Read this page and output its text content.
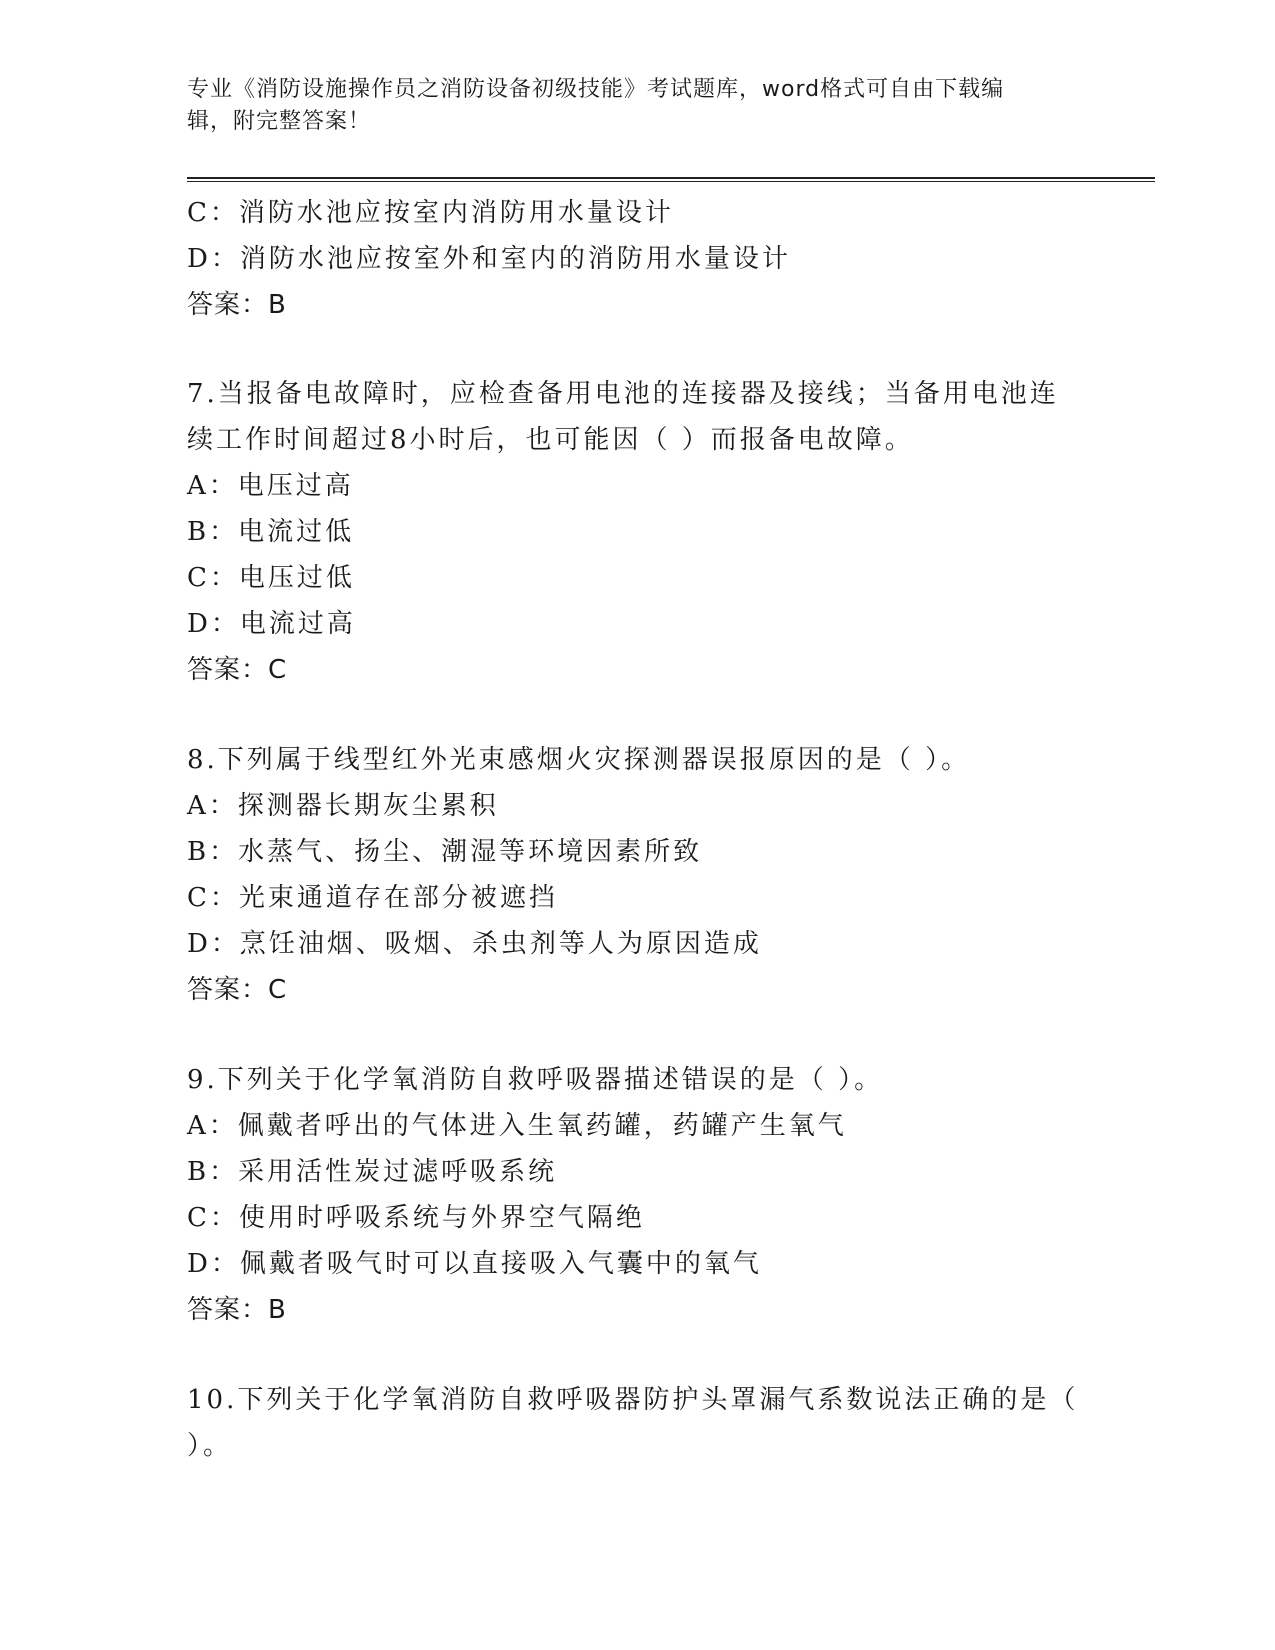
专业《消防设施操作员之消防设备初级技能》考试题库，word格式可自由下载编
辑，附完整答案！
C：消防水池应按室内消防用水量设计
D：消防水池应按室外和室内的消防用水量设计
答案：B
7.当报备电故障时，应检查备用电池的连接器及接线；当备用电池连
续工作时间超过8小时后，也可能因（ ）而报备电故障。
A：电压过高
B：电流过低
C：电压过低
D：电流过高
答案：C
8.下列属于线型红外光束感烟火灾探测器误报原因的是（ ）。
A：探测器长期灰尘累积
B：水蒸气、扬尘、潮湿等环境因素所致
C：光束通道存在部分被遮挡
D：烹饪油烟、吸烟、杀虫剂等人为原因造成
答案：C
9.下列关于化学氧消防自救呼吸器描述错误的是（ ）。
A：佩戴者呼出的气体进入生氧药罐，药罐产生氧气
B：采用活性炭过滤呼吸系统
C：使用时呼吸系统与外界空气隔绝
D：佩戴者吸气时可以直接吸入气囊中的氧气
答案：B
10.下列关于化学氧消防自救呼吸器防护头罩漏气系数说法正确的是（
）。
